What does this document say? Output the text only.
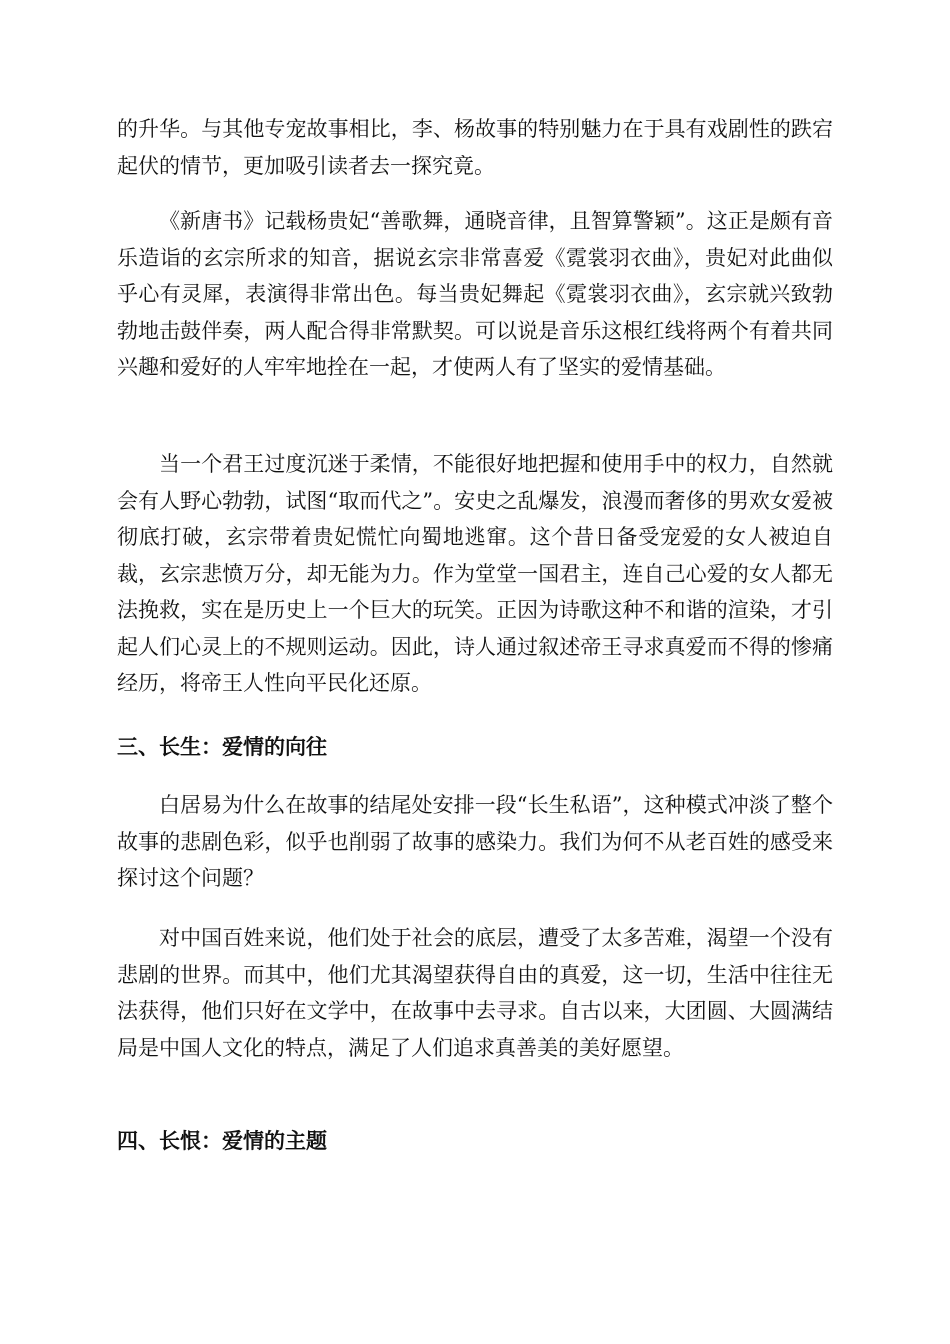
的升华。与其他专宠故事相比，李、杨故事的特别魅力在于具有戏剧性的跌宕起伏的情节，更加吸引读者去一探究竟。

《新唐书》记载杨贵妃“善歌舞，通晓音律，且智算警颖”。这正是颇有音乐造诣的玄宗所求的知音，据说玄宗非常喜爱《霓裳羽衣曲》，贵妃对此曲似乎心有灵犀，表演得非常出色。每当贵妃舞起《霓裳羽衣曲》，玄宗就兴致勃勃地击鼓伴奏，两人配合得非常默契。可以说是音乐这根红线将两个有着共同兴趣和爱好的人牢牢地拴在一起，才使两人有了坚实的爱情基础。

当一个君王过度沉迷于柔情，不能很好地把握和使用手中的权力，自然就会有人野心勃勃，试图“取而代之”。安史之乱爆发，浪漫而奢侈的男欢女爱被彻底打破，玄宗带着贵妃慌忙向蜀地逃窜。这个昔日备受宠爱的女人被迫自裁，玄宗悲愤万分，却无能为力。作为堂堂一国君主，连自己心爱的女人都无法挽救，实在是历史上一个巨大的玩笑。正因为诗歌这种不和谐的渲染，才引起人们心灵上的不规则运动。因此，诗人通过叙述帝王寻求真爱而不得的惨痛经历，将帝王人性向平民化还原。

三、长生：爱情的向往

白居易为什么在故事的结尾处安排一段“长生私语”，这种模式冲淡了整个故事的悲剧色彩，似乎也削弱了故事的感染力。我们为何不从老百姓的感受来探讨这个问题？

对中国百姓来说，他们处于社会的底层，遭受了太多苦难，渴望一个没有悲剧的世界。而其中，他们尤其渴望获得自由的真爱，这一切，生活中往往无法获得，他们只好在文学中，在故事中去寻求。自古以来，大团圆、大圆满结局是中国人文化的特点，满足了人们追求真善美的美好愿望。

四、长恨：爱情的主题
